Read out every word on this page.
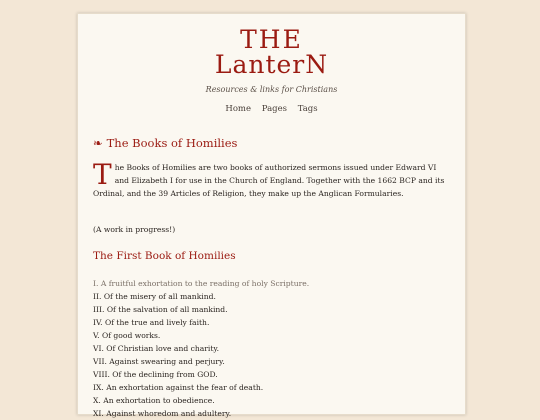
THE
LanterN
Resources & links for Christians
Home Pages Tags
❧ The Books of Homilies
The Books of Homilies are two books of authorized sermons issued under Edward VI and Elizabeth I for use in the Church of England. Together with the 1662 BCP and its Ordinal, and the 39 Articles of Religion, they make up the Anglican Formularies.
(A work in progress!)
The First Book of Homilies
I. A fruitful exhortation to the reading of holy Scripture.
II. Of the misery of all mankind.
III. Of the salvation of all mankind.
IV. Of the true and lively faith.
V. Of good works.
VI. Of Christian love and charity.
VII. Against swearing and perjury.
VIII. Of the declining from GOD.
IX. An exhortation against the fear of death.
X. An exhortation to obedience.
XI. Against whoredom and adultery.
